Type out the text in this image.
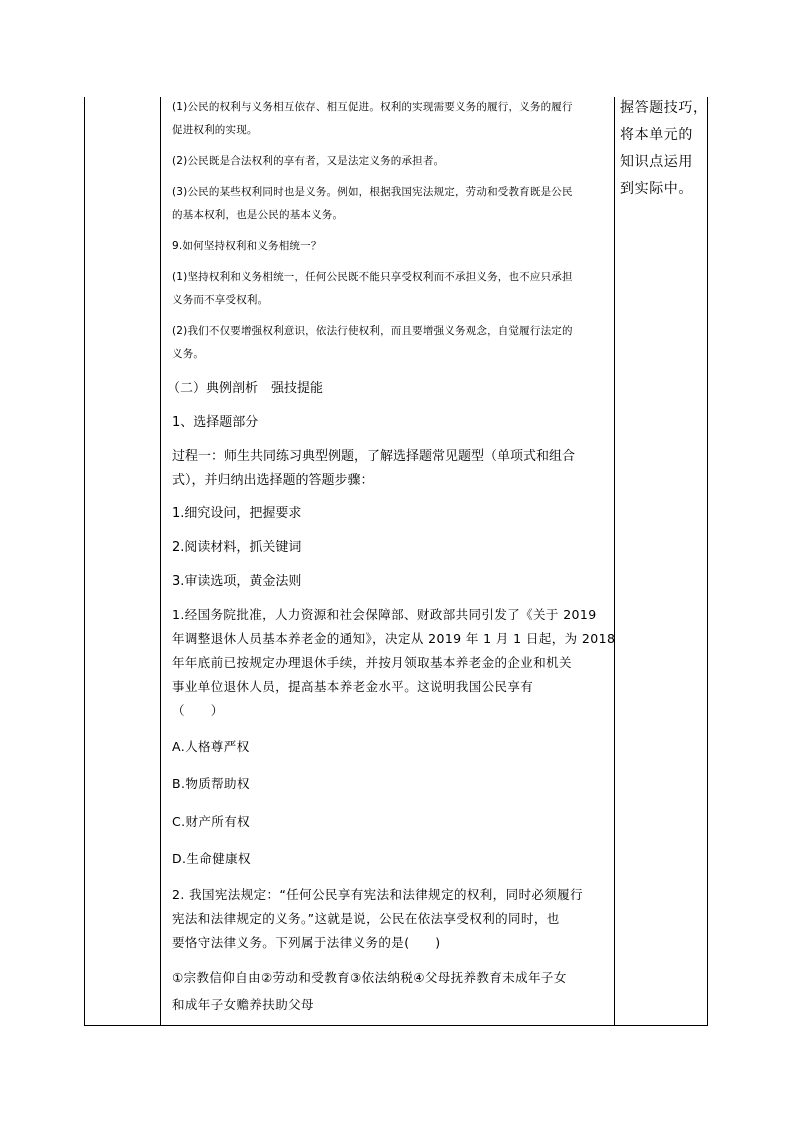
(1)公民的权利与义务相互依存、相互促进。权利的实现需要义务的履行，义务的履行

促进权利的实现。

(2)公民既是合法权利的享有者，又是法定义务的承担者。

(3)公民的某些权利同时也是义务。例如，根据我国宪法规定，劳动和受教育既是公民

的基本权利，也是公民的基本义务。

9.如何坚持权利和义务相统一？

(1)坚持权利和义务相统一，任何公民既不能只享受权利而不承担义务，也不应只承担

义务而不享受权利。

(2)我们不仅要增强权利意识，依法行使权利，而且要增强义务观念，自觉履行法定的

义务。

（二）典例剖析　强技提能

1、选择题部分

过程一：师生共同练习典型例题，了解选择题常见题型（单项式和组合

式），并归纳出选择题的答题步骤：

1.细究设问，把握要求

2.阅读材料，抓关键词

3.审读选项，黄金法则

1.经国务院批准，人力资源和社会保障部、财政部共同引发了《关于 2019

年调整退休人员基本养老金的通知》，决定从 2019 年 1 月 1 日起，为 2018

年年底前已按规定办理退休手续，并按月领取基本养老金的企业和机关

事业单位退休人员，提高基本养老金水平。这说明我国公民享有

（　　）

A.人格尊严权

B.物质帮助权

C.财产所有权

D.生命健康权

2. 我国宪法规定：“任何公民享有宪法和法律规定的权利，同时必须履行

宪法和法律规定的义务。”这就是说，公民在依法享受权利的同时，也

要恪守法律义务。下列属于法律义务的是(　　)

①宗教信仰自由②劳动和受教育③依法纳税④父母抚养教育未成年子女

和成年子女赡养扶助父母

握答题技巧，

将本单元的

知识点运用

到实际中。
